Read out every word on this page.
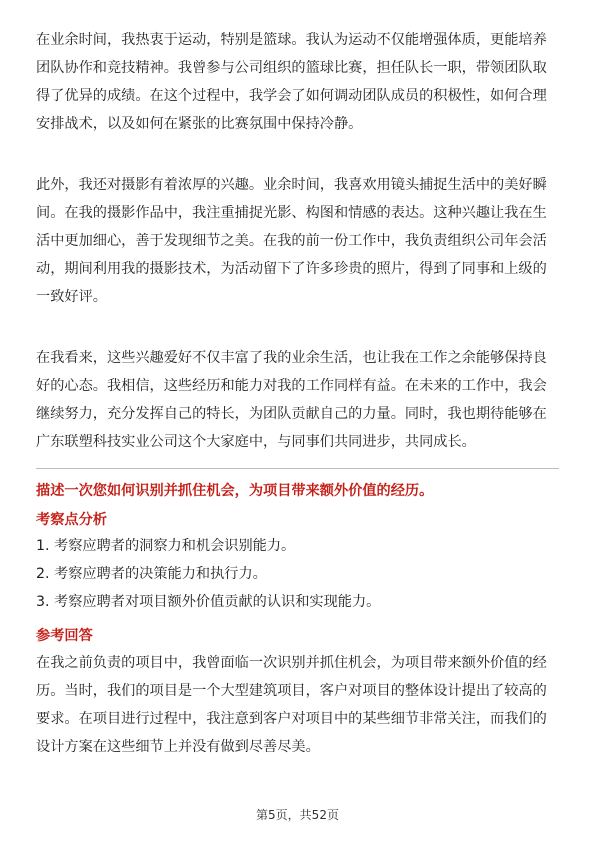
在业余时间，我热衷于运动，特别是篮球。我认为运动不仅能增强体质，更能培养
团队协作和竞技精神。我曾参与公司组织的篮球比赛，担任队长一职，带领团队取
得了优异的成绩。在这个过程中，我学会了如何调动团队成员的积极性，如何合理
安排战术，以及如何在紧张的比赛氛围中保持冷静。
此外，我还对摄影有着浓厚的兴趣。业余时间，我喜欢用镜头捕捉生活中的美好瞬
间。在我的摄影作品中，我注重捕捉光影、构图和情感的表达。这种兴趣让我在生
活中更加细心，善于发现细节之美。在我的前一份工作中，我负责组织公司年会活
动，期间利用我的摄影技术，为活动留下了许多珍贵的照片，得到了同事和上级的
一致好评。
在我看来，这些兴趣爱好不仅丰富了我的业余生活，也让我在工作之余能够保持良
好的心态。我相信，这些经历和能力对我的工作同样有益。在未来的工作中，我会
继续努力，充分发挥自己的特长，为团队贡献自己的力量。同时，我也期待能够在
广东联塑科技实业公司这个大家庭中，与同事们共同进步，共同成长。
描述一次您如何识别并抓住机会，为项目带来额外价值的经历。
考察点分析
1. 考察应聘者的洞察力和机会识别能力。
2. 考察应聘者的决策能力和执行力。
3. 考察应聘者对项目额外价值贡献的认识和实现能力。
参考回答
在我之前负责的项目中，我曾面临一次识别并抓住机会，为项目带来额外价值的经
历。当时，我们的项目是一个大型建筑项目，客户对项目的整体设计提出了较高的
要求。在项目进行过程中，我注意到客户对项目中的某些细节非常关注，而我们的
设计方案在这些细节上并没有做到尽善尽美。
第5页，共52页
